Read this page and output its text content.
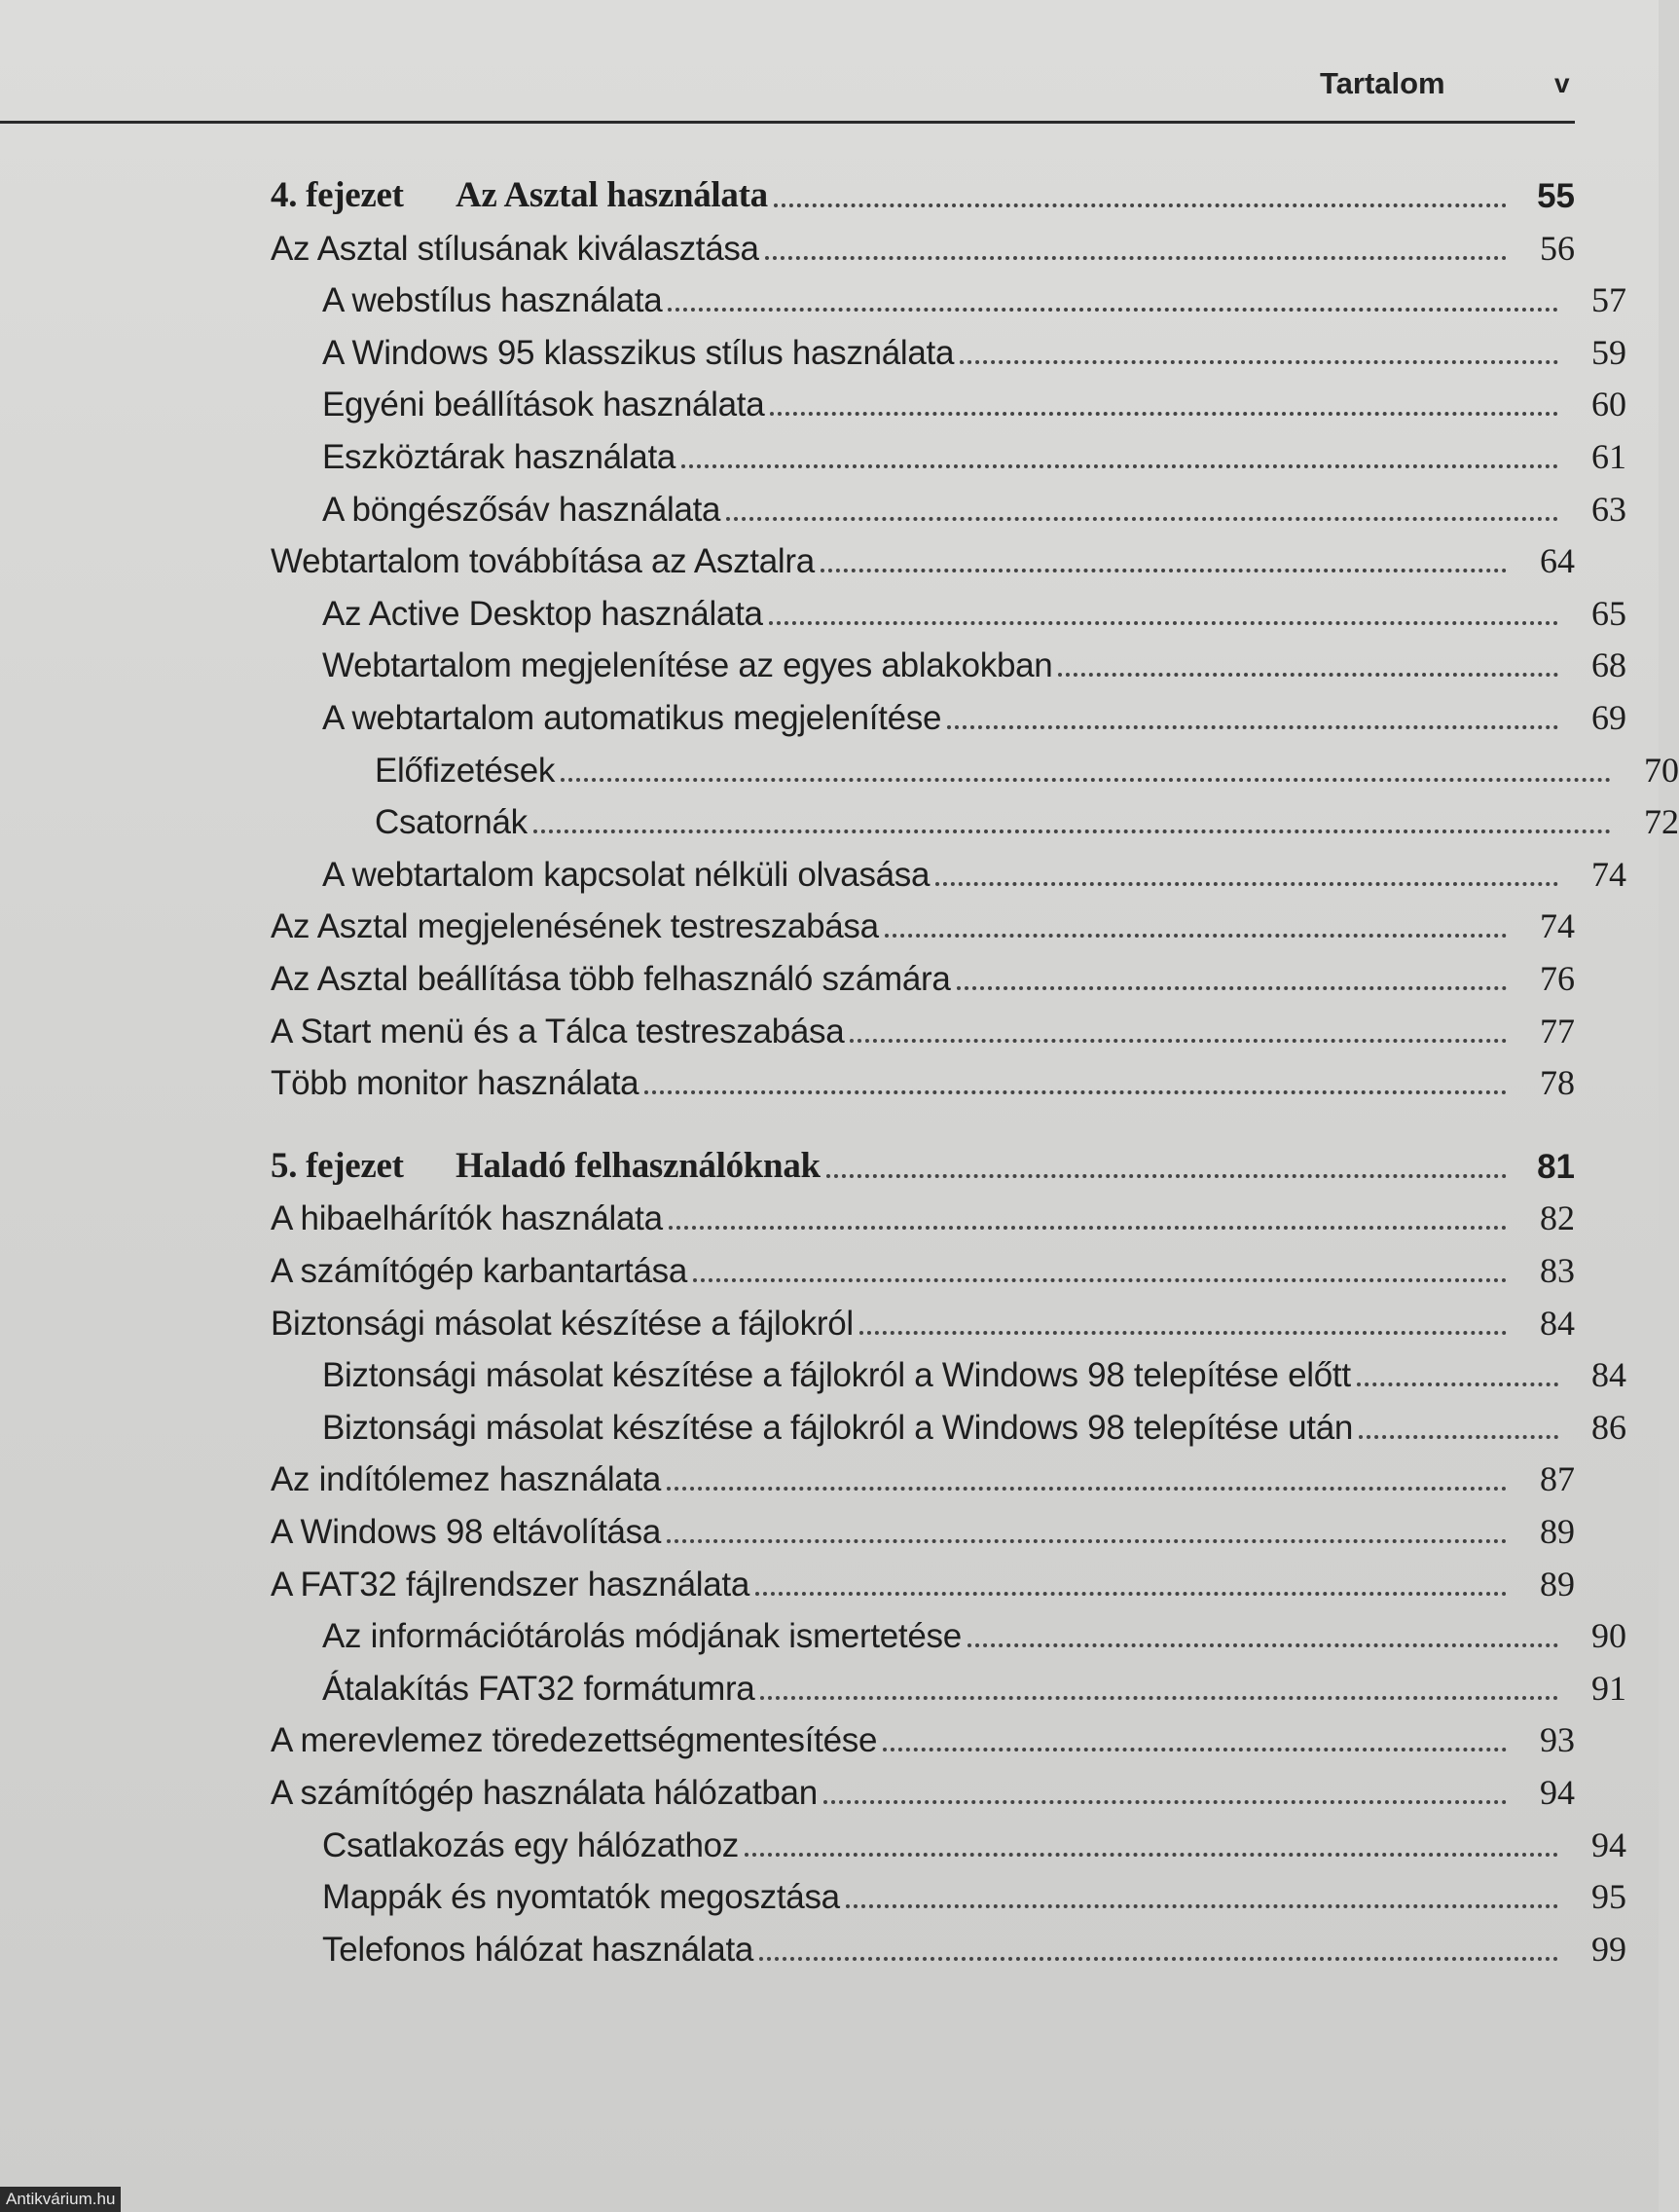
Tartalom	v
4. fejezet Az Asztal használata	55
Az Asztal stílusának kiválasztása	56
A webstílus használata	57
A Windows 95 klasszikus stílus használata	59
Egyéni beállítások használata	60
Eszköztárak használata	61
A böngészősáv használata	63
Webtartalom továbbítása az Asztalra	64
Az Active Desktop használata	65
Webtartalom megjelenítése az egyes ablakokban	68
A webtartalom automatikus megjelenítése	69
Előfizetések	70
Csatornák	72
A webtartalom kapcsolat nélküli olvasása	74
Az Asztal megjelenésének testreszabása	74
Az Asztal beállítása több felhasználó számára	76
A Start menü és a Tálca testreszabása	77
Több monitor használata	78
5. fejezet Haladó felhasználóknak	81
A hibaelhárítók használata	82
A számítógép karbantartása	83
Biztonsági másolat készítése a fájlokról	84
Biztonsági másolat készítése a fájlokról a Windows 98 telepítése előtt	84
Biztonsági másolat készítése a fájlokról a Windows 98 telepítése után	86
Az indítólemez használata	87
A Windows 98 eltávolítása	89
A FAT32 fájlrendszer használata	89
Az információtárolás módjának ismertetése	90
Átalakítás FAT32 formátumra	91
A merevlemez töredezettségmentesítése	93
A számítógép használata hálózatban	94
Csatlakozás egy hálózathoz	94
Mappák és nyomtatók megosztása	95
Telefonos hálózat használata	99
Antikvárium.hu
